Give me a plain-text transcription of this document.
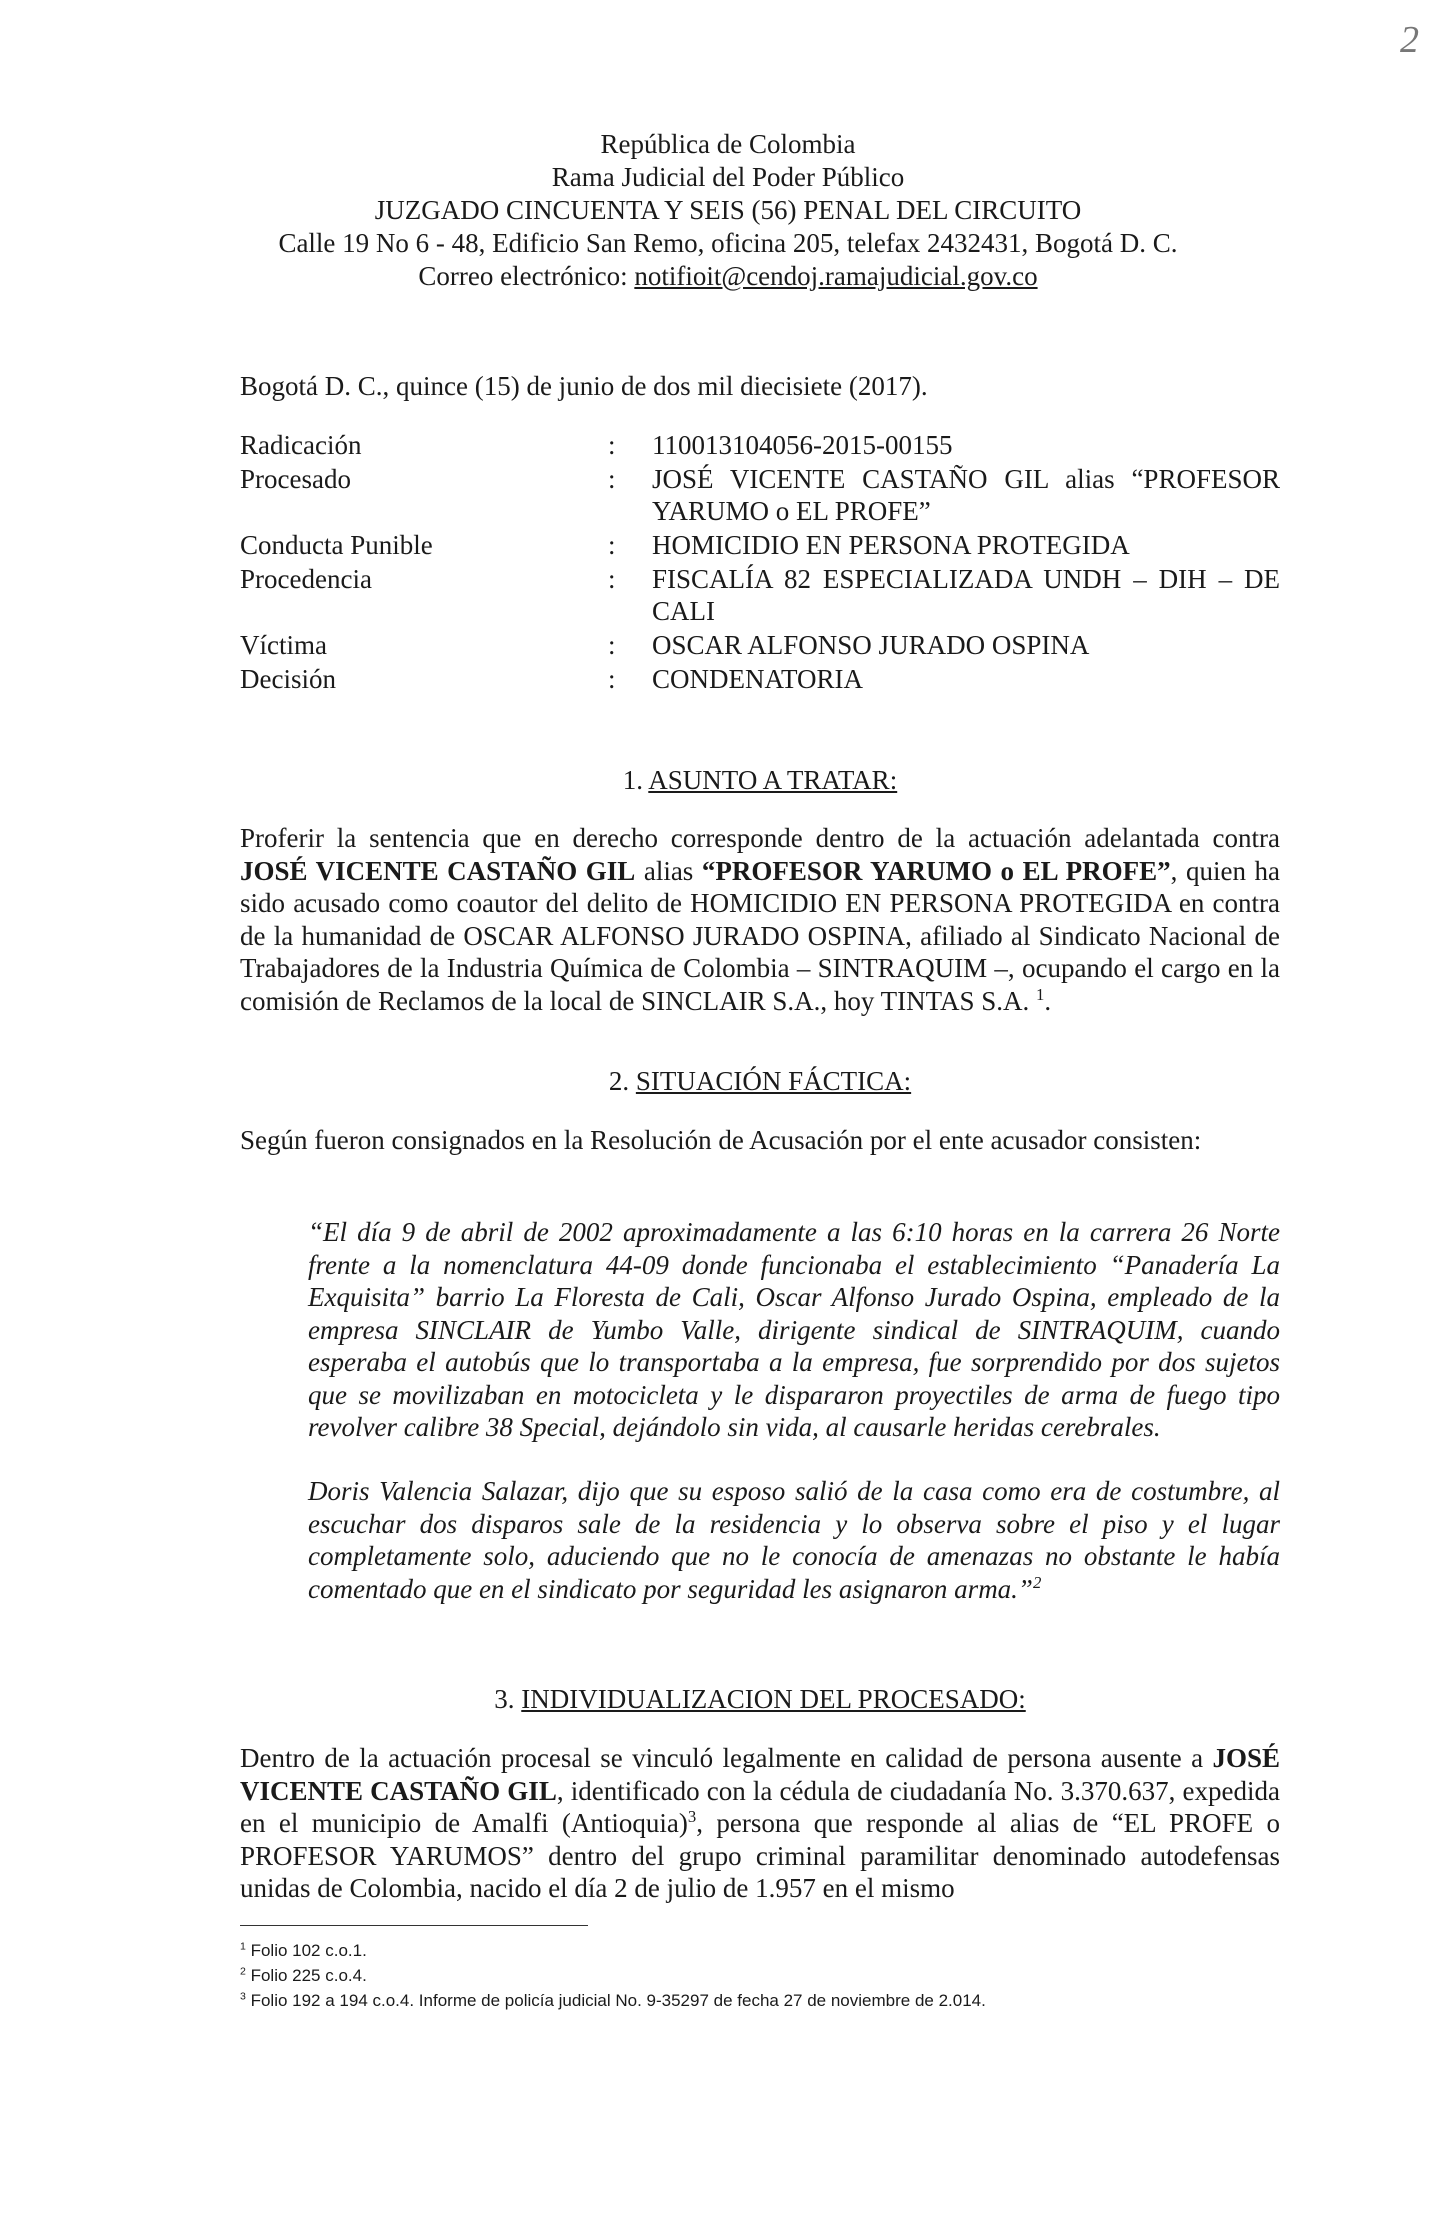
2
República de Colombia
Rama Judicial del Poder Público
JUZGADO CINCUENTA Y SEIS (56) PENAL DEL CIRCUITO
Calle 19 No 6 - 48, Edificio San Remo, oficina 205, telefax 2432431, Bogotá D. C.
Correo electrónico: notifioit@cendoj.ramajudicial.gov.co
Bogotá D. C., quince (15) de junio de dos mil diecisiete (2017).
Radicación	:	110013104056-2015-00155
Procesado	:	JOSÉ VICENTE CASTAÑO GIL alias “PROFESOR YARUMO o EL PROFE”
Conducta Punible	:	HOMICIDIO EN PERSONA PROTEGIDA
Procedencia	:	FISCALÍA 82 ESPECIALIZADA UNDH – DIH – DE CALI
Víctima	:	OSCAR ALFONSO JURADO OSPINA
Decisión	:	CONDENATORIA
1. ASUNTO A TRATAR:
Proferir la sentencia que en derecho corresponde dentro de la actuación adelantada contra JOSÉ VICENTE CASTAÑO GIL alias “PROFESOR YARUMO o EL PROFE”, quien ha sido acusado como coautor del delito de HOMICIDIO EN PERSONA PROTEGIDA en contra de la humanidad de OSCAR ALFONSO JURADO OSPINA, afiliado al Sindicato Nacional de Trabajadores de la Industria Química de Colombia – SINTRAQUIM –, ocupando el cargo en la comisión de Reclamos de la local de SINCLAIR S.A., hoy TINTAS S.A. $^1$.
2. SITUACIÓN FÁCTICA:
Según fueron consignados en la Resolución de Acusación por el ente acusador consisten:
“El día 9 de abril de 2002 aproximadamente a las 6:10 horas en la carrera 26 Norte frente a la nomenclatura 44-09 donde funcionaba el establecimiento “Panadería La Exquisita” barrio La Floresta de Cali, Oscar Alfonso Jurado Ospina, empleado de la empresa SINCLAIR de Yumbo Valle, dirigente sindical de SINTRAQUIM, cuando esperaba el autobús que lo transportaba a la empresa, fue sorprendido por dos sujetos que se movilizaban en motocicleta y le dispararon proyectiles de arma de fuego tipo revolver calibre 38 Special, dejándolo sin vida, al causarle heridas cerebrales.
Doris Valencia Salazar, dijo que su esposo salió de la casa como era de costumbre, al escuchar dos disparos sale de la residencia y lo observa sobre el piso y el lugar completamente solo, aduciendo que no le conocía de amenazas no obstante le había comentado que en el sindicato por seguridad les asignaron arma.”$^2$
3. INDIVIDUALIZACION DEL PROCESADO:
Dentro de la actuación procesal se vinculó legalmente en calidad de persona ausente a JOSÉ VICENTE CASTAÑO GIL, identificado con la cédula de ciudadanía No. 3.370.637, expedida en el municipio de Amalfi (Antioquia)$^3$, persona que responde al alias de “EL PROFE o PROFESOR YARUMOS” dentro del grupo criminal paramilitar denominado autodefensas unidas de Colombia, nacido el día 2 de julio de 1.957 en el mismo
$^1$ Folio 102 c.o.1.
$^2$ Folio 225 c.o.4.
$^3$ Folio 192 a 194 c.o.4. Informe de policía judicial No. 9-35297 de fecha 27 de noviembre de 2.014.
